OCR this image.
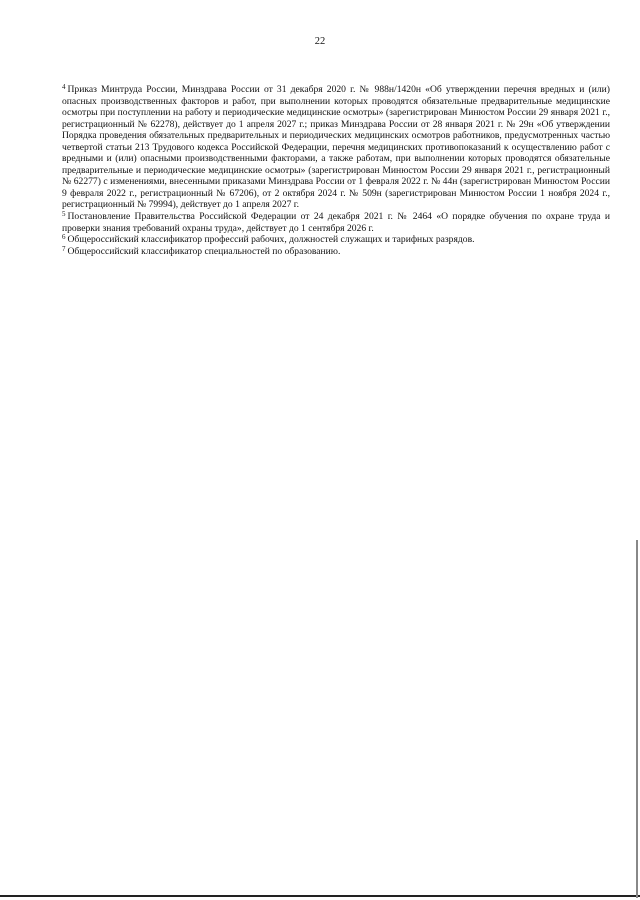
22

$^4$ Приказ Минтруда России, Минздрава России от 31 декабря 2020 г. № 988н/1420н «Об утверждении перечня вредных и (или) опасных производственных факторов и работ, при выполнении которых проводятся обязательные предварительные медицинские осмотры при поступлении на работу и периодические медицинские осмотры» (зарегистрирован Минюстом России 29 января 2021 г., регистрационный № 62278), действует до 1 апреля 2027 г.; приказ Минздрава России от 28 января 2021 г. № 29н «Об утверждении Порядка проведения обязательных предварительных и периодических медицинских осмотров работников, предусмотренных частью четвертой статьи 213 Трудового кодекса Российской Федерации, перечня медицинских противопоказаний к осуществлению работ с вредными и (или) опасными производственными факторами, а также работам, при выполнении которых проводятся обязательные предварительные и периодические медицинские осмотры» (зарегистрирован Минюстом России 29 января 2021 г., регистрационный № 62277) с изменениями, внесенными приказами Минздрава России от 1 февраля 2022 г. № 44н (зарегистрирован Минюстом России 9 февраля 2022 г., регистрационный № 67206), от 2 октября 2024 г. № 509н (зарегистрирован Минюстом России 1 ноября 2024 г., регистрационный № 79994), действует до 1 апреля 2027 г.

$^5$ Постановление Правительства Российской Федерации от 24 декабря 2021 г. № 2464 «О порядке обучения по охране труда и проверки знания требований охраны труда», действует до 1 сентября 2026 г.

$^6$ Общероссийский классификатор профессий рабочих, должностей служащих и тарифных разрядов.

$^7$ Общероссийский классификатор специальностей по образованию.
